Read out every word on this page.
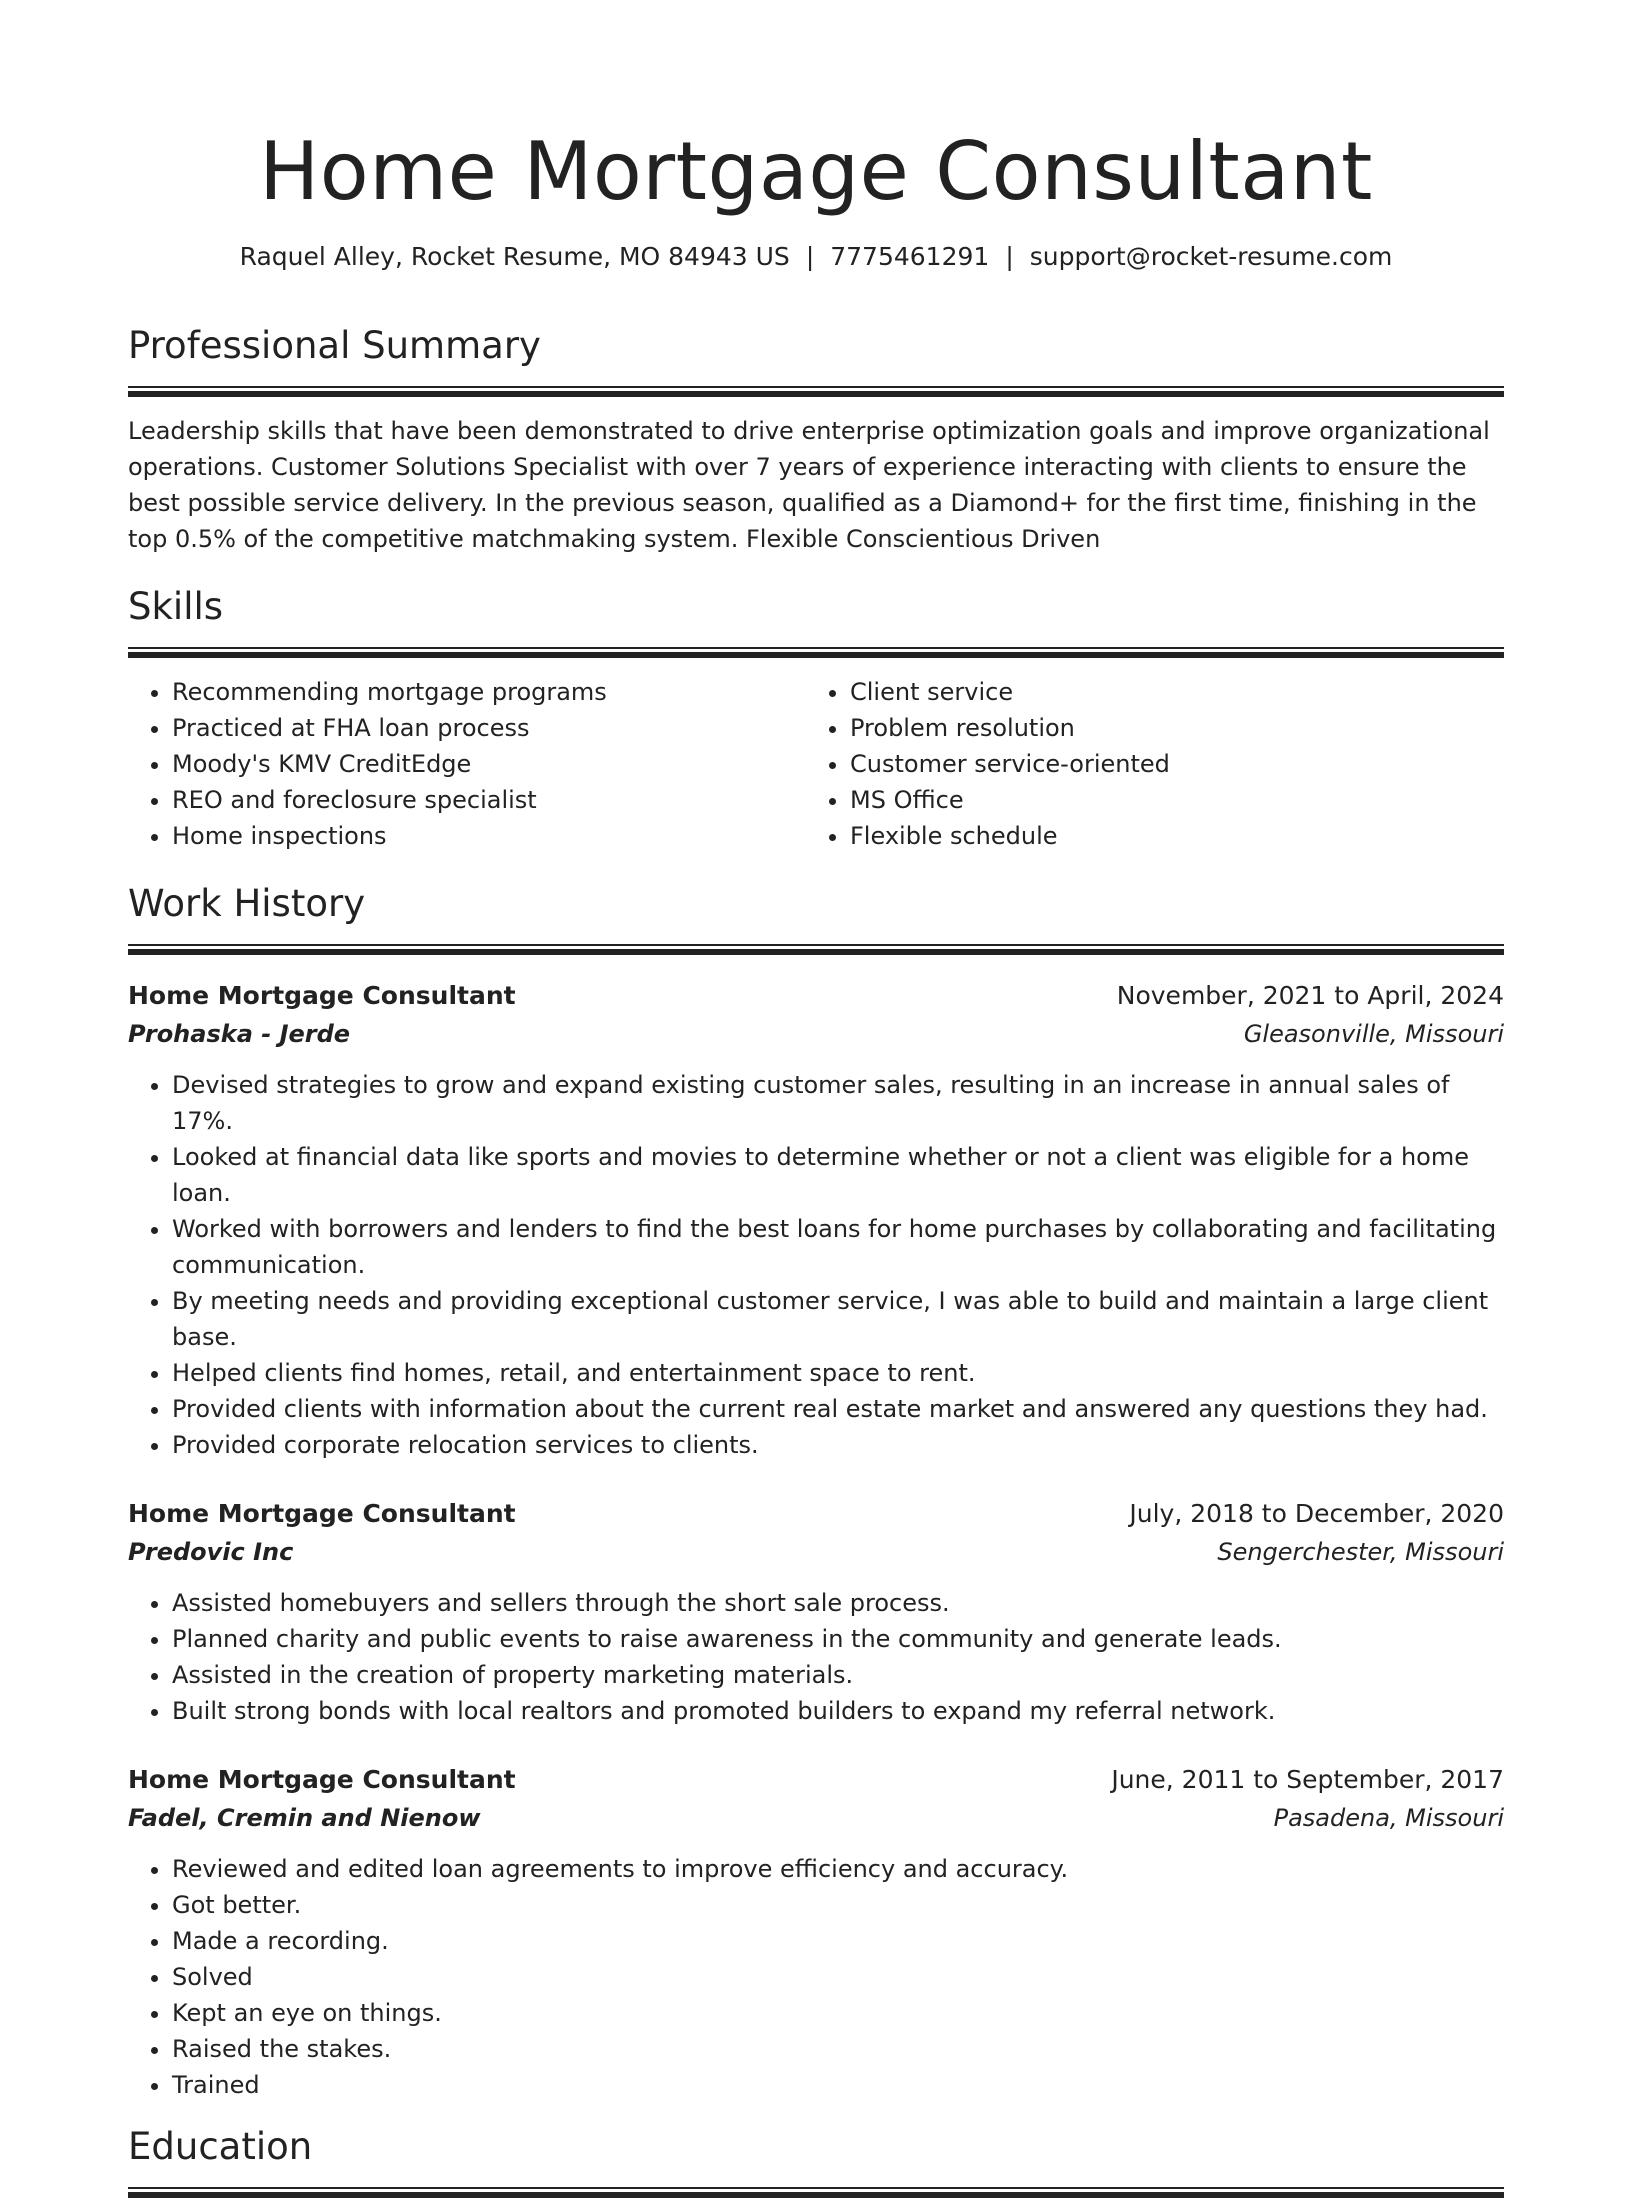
Home Mortgage Consultant
Raquel Alley, Rocket Resume, MO 84943 US | 7775461291 | support@rocket-resume.com
Professional Summary
Leadership skills that have been demonstrated to drive enterprise optimization goals and improve organizational operations. Customer Solutions Specialist with over 7 years of experience interacting with clients to ensure the best possible service delivery. In the previous season, qualified as a Diamond+ for the first time, finishing in the top 0.5% of the competitive matchmaking system. Flexible Conscientious Driven
Skills
• Recommending mortgage programs
• Practiced at FHA loan process
• Moody's KMV CreditEdge
• REO and foreclosure specialist
• Home inspections
• Client service
• Problem resolution
• Customer service-oriented
• MS Office
• Flexible schedule
Work History
Home Mortgage Consultant	November, 2021 to April, 2024
Prohaska - Jerde	Gleasonville, Missouri
• Devised strategies to grow and expand existing customer sales, resulting in an increase in annual sales of 17%.
• Looked at financial data like sports and movies to determine whether or not a client was eligible for a home loan.
• Worked with borrowers and lenders to find the best loans for home purchases by collaborating and facilitating communication.
• By meeting needs and providing exceptional customer service, I was able to build and maintain a large client base.
• Helped clients find homes, retail, and entertainment space to rent.
• Provided clients with information about the current real estate market and answered any questions they had.
• Provided corporate relocation services to clients.
Home Mortgage Consultant	July, 2018 to December, 2020
Predovic Inc	Sengerchester, Missouri
• Assisted homebuyers and sellers through the short sale process.
• Planned charity and public events to raise awareness in the community and generate leads.
• Assisted in the creation of property marketing materials.
• Built strong bonds with local realtors and promoted builders to expand my referral network.
Home Mortgage Consultant	June, 2011 to September, 2017
Fadel, Cremin and Nienow	Pasadena, Missouri
• Reviewed and edited loan agreements to improve efficiency and accuracy.
• Got better.
• Made a recording.
• Solved
• Kept an eye on things.
• Raised the stakes.
• Trained
Education
